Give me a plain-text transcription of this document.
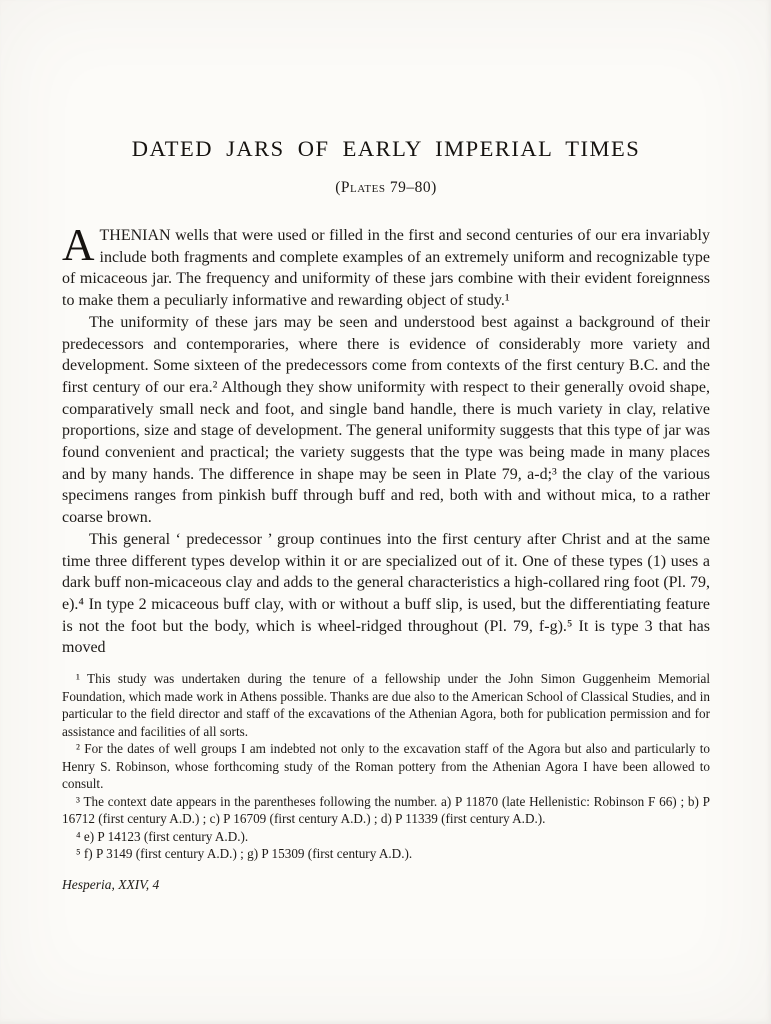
DATED JARS OF EARLY IMPERIAL TIMES
(Plates 79–80)

ATHENIAN wells that were used or filled in the first and second centuries of our era invariably include both fragments and complete examples of an extremely uniform and recognizable type of micaceous jar. The frequency and uniformity of these jars combine with their evident foreignness to make them a peculiarly informative and rewarding object of study.¹

The uniformity of these jars may be seen and understood best against a background of their predecessors and contemporaries, where there is evidence of considerably more variety and development. Some sixteen of the predecessors come from contexts of the first century B.C. and the first century of our era.² Although they show uniformity with respect to their generally ovoid shape, comparatively small neck and foot, and single band handle, there is much variety in clay, relative proportions, size and stage of development. The general uniformity suggests that this type of jar was found convenient and practical; the variety suggests that the type was being made in many places and by many hands. The difference in shape may be seen in Plate 79, a-d;³ the clay of the various specimens ranges from pinkish buff through buff and red, both with and without mica, to a rather coarse brown.

This general ‘ predecessor ’ group continues into the first century after Christ and at the same time three different types develop within it or are specialized out of it. One of these types (1) uses a dark buff non-micaceous clay and adds to the general characteristics a high-collared ring foot (Pl. 79, e).⁴ In type 2 micaceous buff clay, with or without a buff slip, is used, but the differentiating feature is not the foot but the body, which is wheel-ridged throughout (Pl. 79, f-g).⁵ It is type 3 that has moved

¹ This study was undertaken during the tenure of a fellowship under the John Simon Guggenheim Memorial Foundation, which made work in Athens possible. Thanks are due also to the American School of Classical Studies, and in particular to the field director and staff of the excavations of the Athenian Agora, both for publication permission and for assistance and facilities of all sorts.

² For the dates of well groups I am indebted not only to the excavation staff of the Agora but also and particularly to Henry S. Robinson, whose forthcoming study of the Roman pottery from the Athenian Agora I have been allowed to consult.

³ The context date appears in the parentheses following the number. a) P 11870 (late Hellenistic: Robinson F 66) ; b) P 16712 (first century A.D.) ; c) P 16709 (first century A.D.) ; d) P 11339 (first century A.D.).

⁴ e) P 14123 (first century A.D.).

⁵ f) P 3149 (first century A.D.) ; g) P 15309 (first century A.D.).

Hesperia, XXIV, 4
